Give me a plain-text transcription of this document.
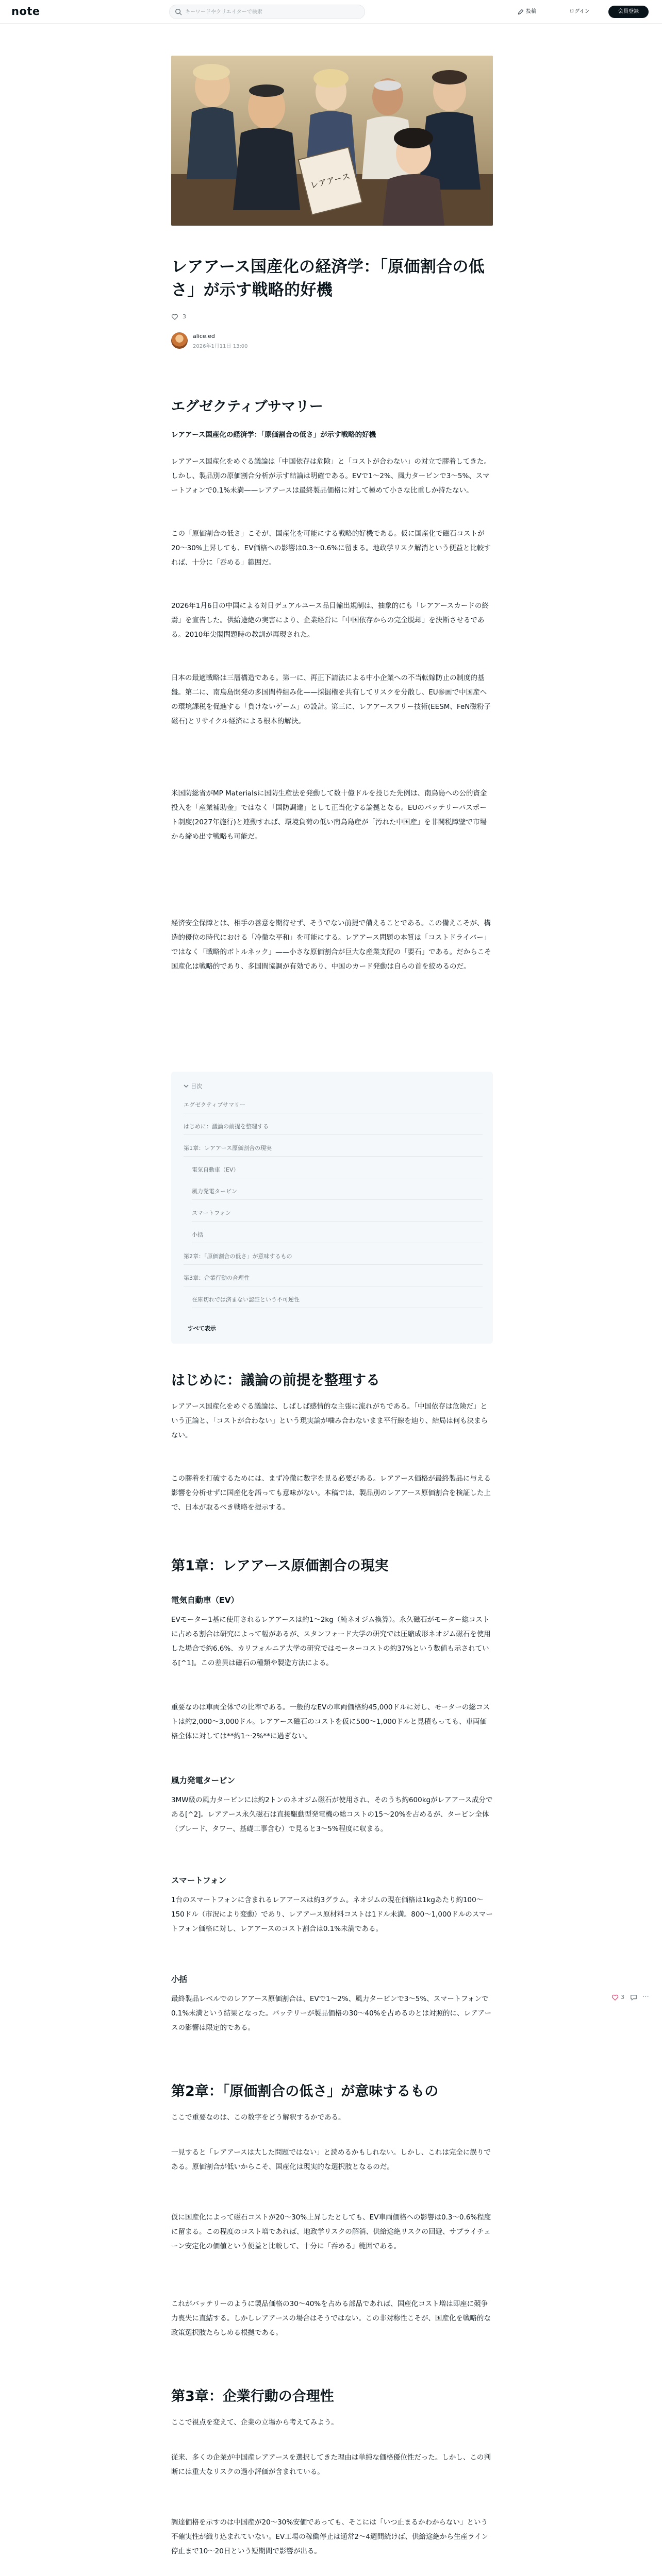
note
キーワードやクリエイターで検索	投稿	ログイン	会員登録
レアアース
レアアース国産化の経済学：「原価割合の低さ」が示す戦略的好機
3
alice.ed
2026年1月11日 13:00
エグゼクティブサマリー
レアアース国産化の経済学：「原価割合の低さ」が示す戦略的好機

レアアース国産化をめぐる議論は「中国依存は危険」と「コストが合わない」の対立で膠着してきた。しかし、製品別の原価割合分析が示す結論は明確である。EVで1〜2%、風力タービンで3〜5%、スマートフォンで0.1%未満——レアアースは最終製品価格に対して極めて小さな比重しか持たない。

この「原価割合の低さ」こそが、国産化を可能にする戦略的好機である。仮に国産化で磁石コストが20〜30%上昇しても、EV価格への影響は0.3〜0.6%に留まる。地政学リスク解消という便益と比較すれば、十分に「吞める」範囲だ。

2026年1月6日の中国による対日デュアルユース品目輸出規制は、抽象的にも「レアアースカードの終焉」を宣告した。供給途絶の実害により、企業経営に「中国依存からの完全脱却」を決断させるである。2010年尖閣問題時の教訓が再現された。

日本の最適戦略は三層構造である。第一に、再正下請法による中小企業への不当転嫁防止の制度的基盤。第二に、南鳥島開発の多国間枠組み化——採掘権を共有してリスクを分散し、EU参画で中国産への環境課税を促進する「負けないゲーム」の設計。第三に、レアアースフリー技術(EESM、FeN磁粉子磁石)とリサイクル経済による根本的解決。

米国防総省がMP Materialsに国防生産法を発動して数十億ドルを投じた先例は、南鳥島への公的資金投入を「産業補助金」ではなく「国防調達」として正当化する論拠となる。EUのバッテリーパスポート制度(2027年施行)と連動すれば、環境負荷の低い南鳥島産が「汚れた中国産」を非関税障壁で市場から締め出す戦略も可能だ。

経済安全保障とは、相手の善意を期待せず、そうでない前提で備えることである。この備えこそが、構造的優位の時代における「冷徹な平和」を可能にする。レアアース問題の本質は「コストドライバー」ではなく「戦略的ボトルネック」——小さな原価割合が巨大な産業支配の「要石」である。だからこそ国産化は戦略的であり、多国間協調が有効であり、中国のカード発動は自らの首を絞めるのだ。

目次
エグゼクティブサマリー
はじめに：議論の前提を整理する
第1章：レアアース原価割合の現実
電気自動車（EV）
風力発電タービン
スマートフォン
小括
第2章：「原価割合の低さ」が意味するもの
第3章：企業行動の合理性
在庫切れでは済まない認証という不可逆性
すべて表示
はじめに：議論の前提を整理する

レアアース国産化をめぐる議論は、しばしば感情的な主張に流れがちである。「中国依存は危険だ」という正論と、「コストが合わない」という現実論が噛み合わないまま平行線を辿り、結局は何も決まらない。

この膠着を打破するためには、まず冷徹に数字を見る必要がある。レアアース価格が最終製品に与える影響を分析せずに国産化を語っても意味がない。本稿では、製品別のレアアース原価割合を検証した上で、日本が取るべき戦略を提示する。

第1章：レアアース原価割合の現実
電気自動車（EV）

EVモーター1基に使用されるレアアースは約1〜2kg（純ネオジム換算）。永久磁石がモーター総コストに占める割合は研究によって幅があるが、スタンフォード大学の研究では圧縮成形ネオジム磁石を使用した場合で約6.6%、カリフォルニア大学の研究ではモーターコストの約37%という数値も示されている[^1]。この差異は磁石の種類や製造方法による。

重要なのは車両全体での比率である。一般的なEVの車両価格約45,000ドルに対し、モーターの総コストは約2,000〜3,000ドル。レアアース磁石のコストを仮に500〜1,000ドルと見積もっても、車両価格全体に対しては**約1〜2%**に過ぎない。

風力発電タービン

3MW級の風力タービンには約2トンのネオジム磁石が使用され、そのうち約600kgがレアアース成分である[^2]。レアアース永久磁石は直接駆動型発電機の総コストの15〜20%を占めるが、タービン全体（ブレード、タワー、基礎工事含む）で見ると3〜5%程度に収まる。

スマートフォン

1台のスマートフォンに含まれるレアアースは約3グラム。ネオジムの現在価格は1kgあたり約100〜150ドル（市況により変動）であり、レアアース原材料コストは1ドル未満。800〜1,000ドルのスマートフォン価格に対し、レアアースのコスト割合は0.1%未満である。

小括

最終製品レベルでのレアアース原価割合は、EVで1〜2%、風力タービンで3〜5%、スマートフォンで0.1%未満という結果となった。バッテリーが製品価格の30〜40%を占めるのとは対照的に、レアアースの影響は限定的である。

第2章：「原価割合の低さ」が意味するもの

ここで重要なのは、この数字をどう解釈するかである。

一見すると「レアアースは大した問題ではない」と読めるかもしれない。しかし、これは完全に誤りである。原価割合が低いからこそ、国産化は現実的な選択肢となるのだ。

仮に国産化によって磁石コストが20〜30%上昇したとしても、EV車両価格への影響は0.3〜0.6%程度に留まる。この程度のコスト増であれば、地政学リスクの解消、供給途絶リスクの回避、サプライチェーン安定化の価値という便益と比較して、十分に「吞める」範囲である。

これがバッテリーのように製品価格の30〜40%を占める部品であれば、国産化コスト増は即座に競争力喪失に直結する。しかしレアアースの場合はそうではない。この非対称性こそが、国産化を戦略的な政策選択肢たらしめる根拠である。

第3章：企業行動の合理性

ここで視点を変えて、企業の立場から考えてみよう。

従来、多くの企業が中国産レアアースを選択してきた理由は単純な価格優位性だった。しかし、この判断には重大なリスクの過小評価が含まれている。

調達価格を示すのは中国産が20〜30%安価であっても、そこには「いつ止まるかわからない」という不確実性が織り込まれていない。EV工場の稼働停止は通常2〜4週間続けば、供給途絶から生産ライン停止まで10〜20日という短期間で影響が出る。

3	⋯
